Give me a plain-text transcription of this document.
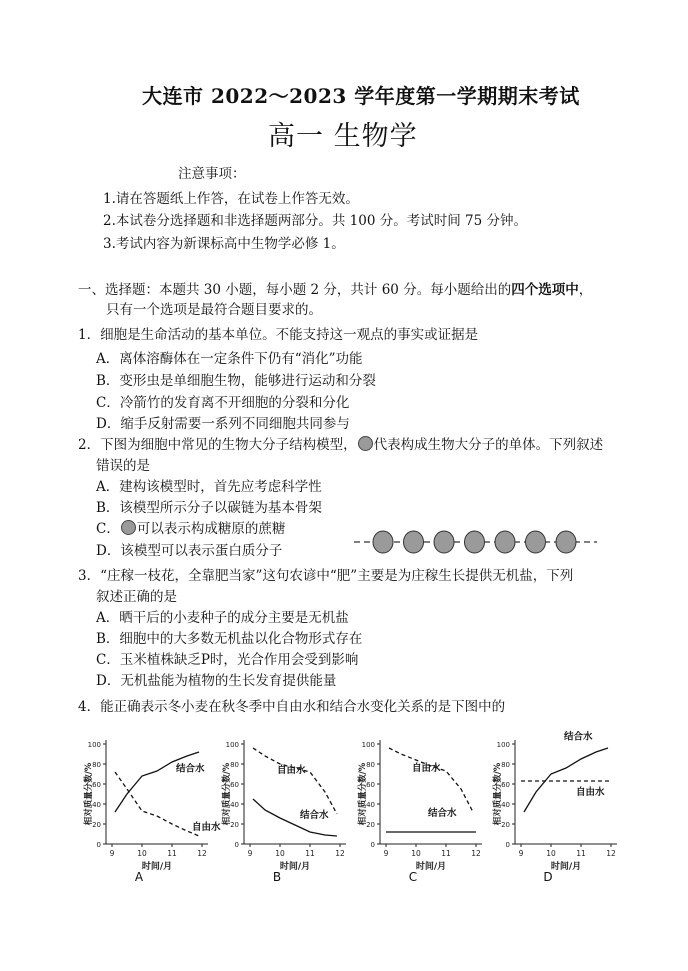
大连市 2022～2023 学年度第一学期期末考试
高一 生物学
注意事项：
1.请在答题纸上作答，在试卷上作答无效。
2.本试卷分选择题和非选择题两部分。共 100 分。考试时间 75 分钟。
3.考试内容为新课标高中生物学必修 1。
一、选择题：本题共 30 小题，每小题 2 分，共计 60 分。每小题给出的四个选项中，
只有一个选项是最符合题目要求的。
1．细胞是生命活动的基本单位。不能支持这一观点的事实或证据是
A．离体溶酶体在一定条件下仍有“消化”功能
B．变形虫是单细胞生物，能够进行运动和分裂
C．冷箭竹的发育离不开细胞的分裂和分化
D．缩手反射需要一系列不同细胞共同参与
2．下图为细胞中常见的生物大分子结构模型， 代表构成生物大分子的单体。下列叙述
错误的是
A．建构该模型时，首先应考虑科学性
B．该模型所示分子以碳链为基本骨架
C． 可以表示构成糖原的蔗糖
D．该模型可以表示蛋白质分子
3．“庄稼一枝花，全靠肥当家”这句农谚中“肥”主要是为庄稼生长提供无机盐，下列
叙述正确的是
A．晒干后的小麦种子的成分主要是无机盐
B．细胞中的大多数无机盐以化合物形式存在
C．玉米植株缺乏P时，光合作用会受到影响
D．无机盐能为植物的生长发育提供能量
4．能正确表示冬小麦在秋冬季中自由水和结合水变化关系的是下图中的
0
20
40
60
80
100
9	10	11	12
时间/月
相对质量分数/%	结合水
自由水
A
0
20
40
60
80
100
9	10	11	12
时间/月
相对质量分数/%	自由水
结合水
B
0
20
40
60
80
100
9	10	11	12
时间/月
相对质量分数/%	自由水
结合水
C
0
20
40
60
80
100
9	10	11	12
时间/月
相对质量分数/%
结合水
自由水
D
